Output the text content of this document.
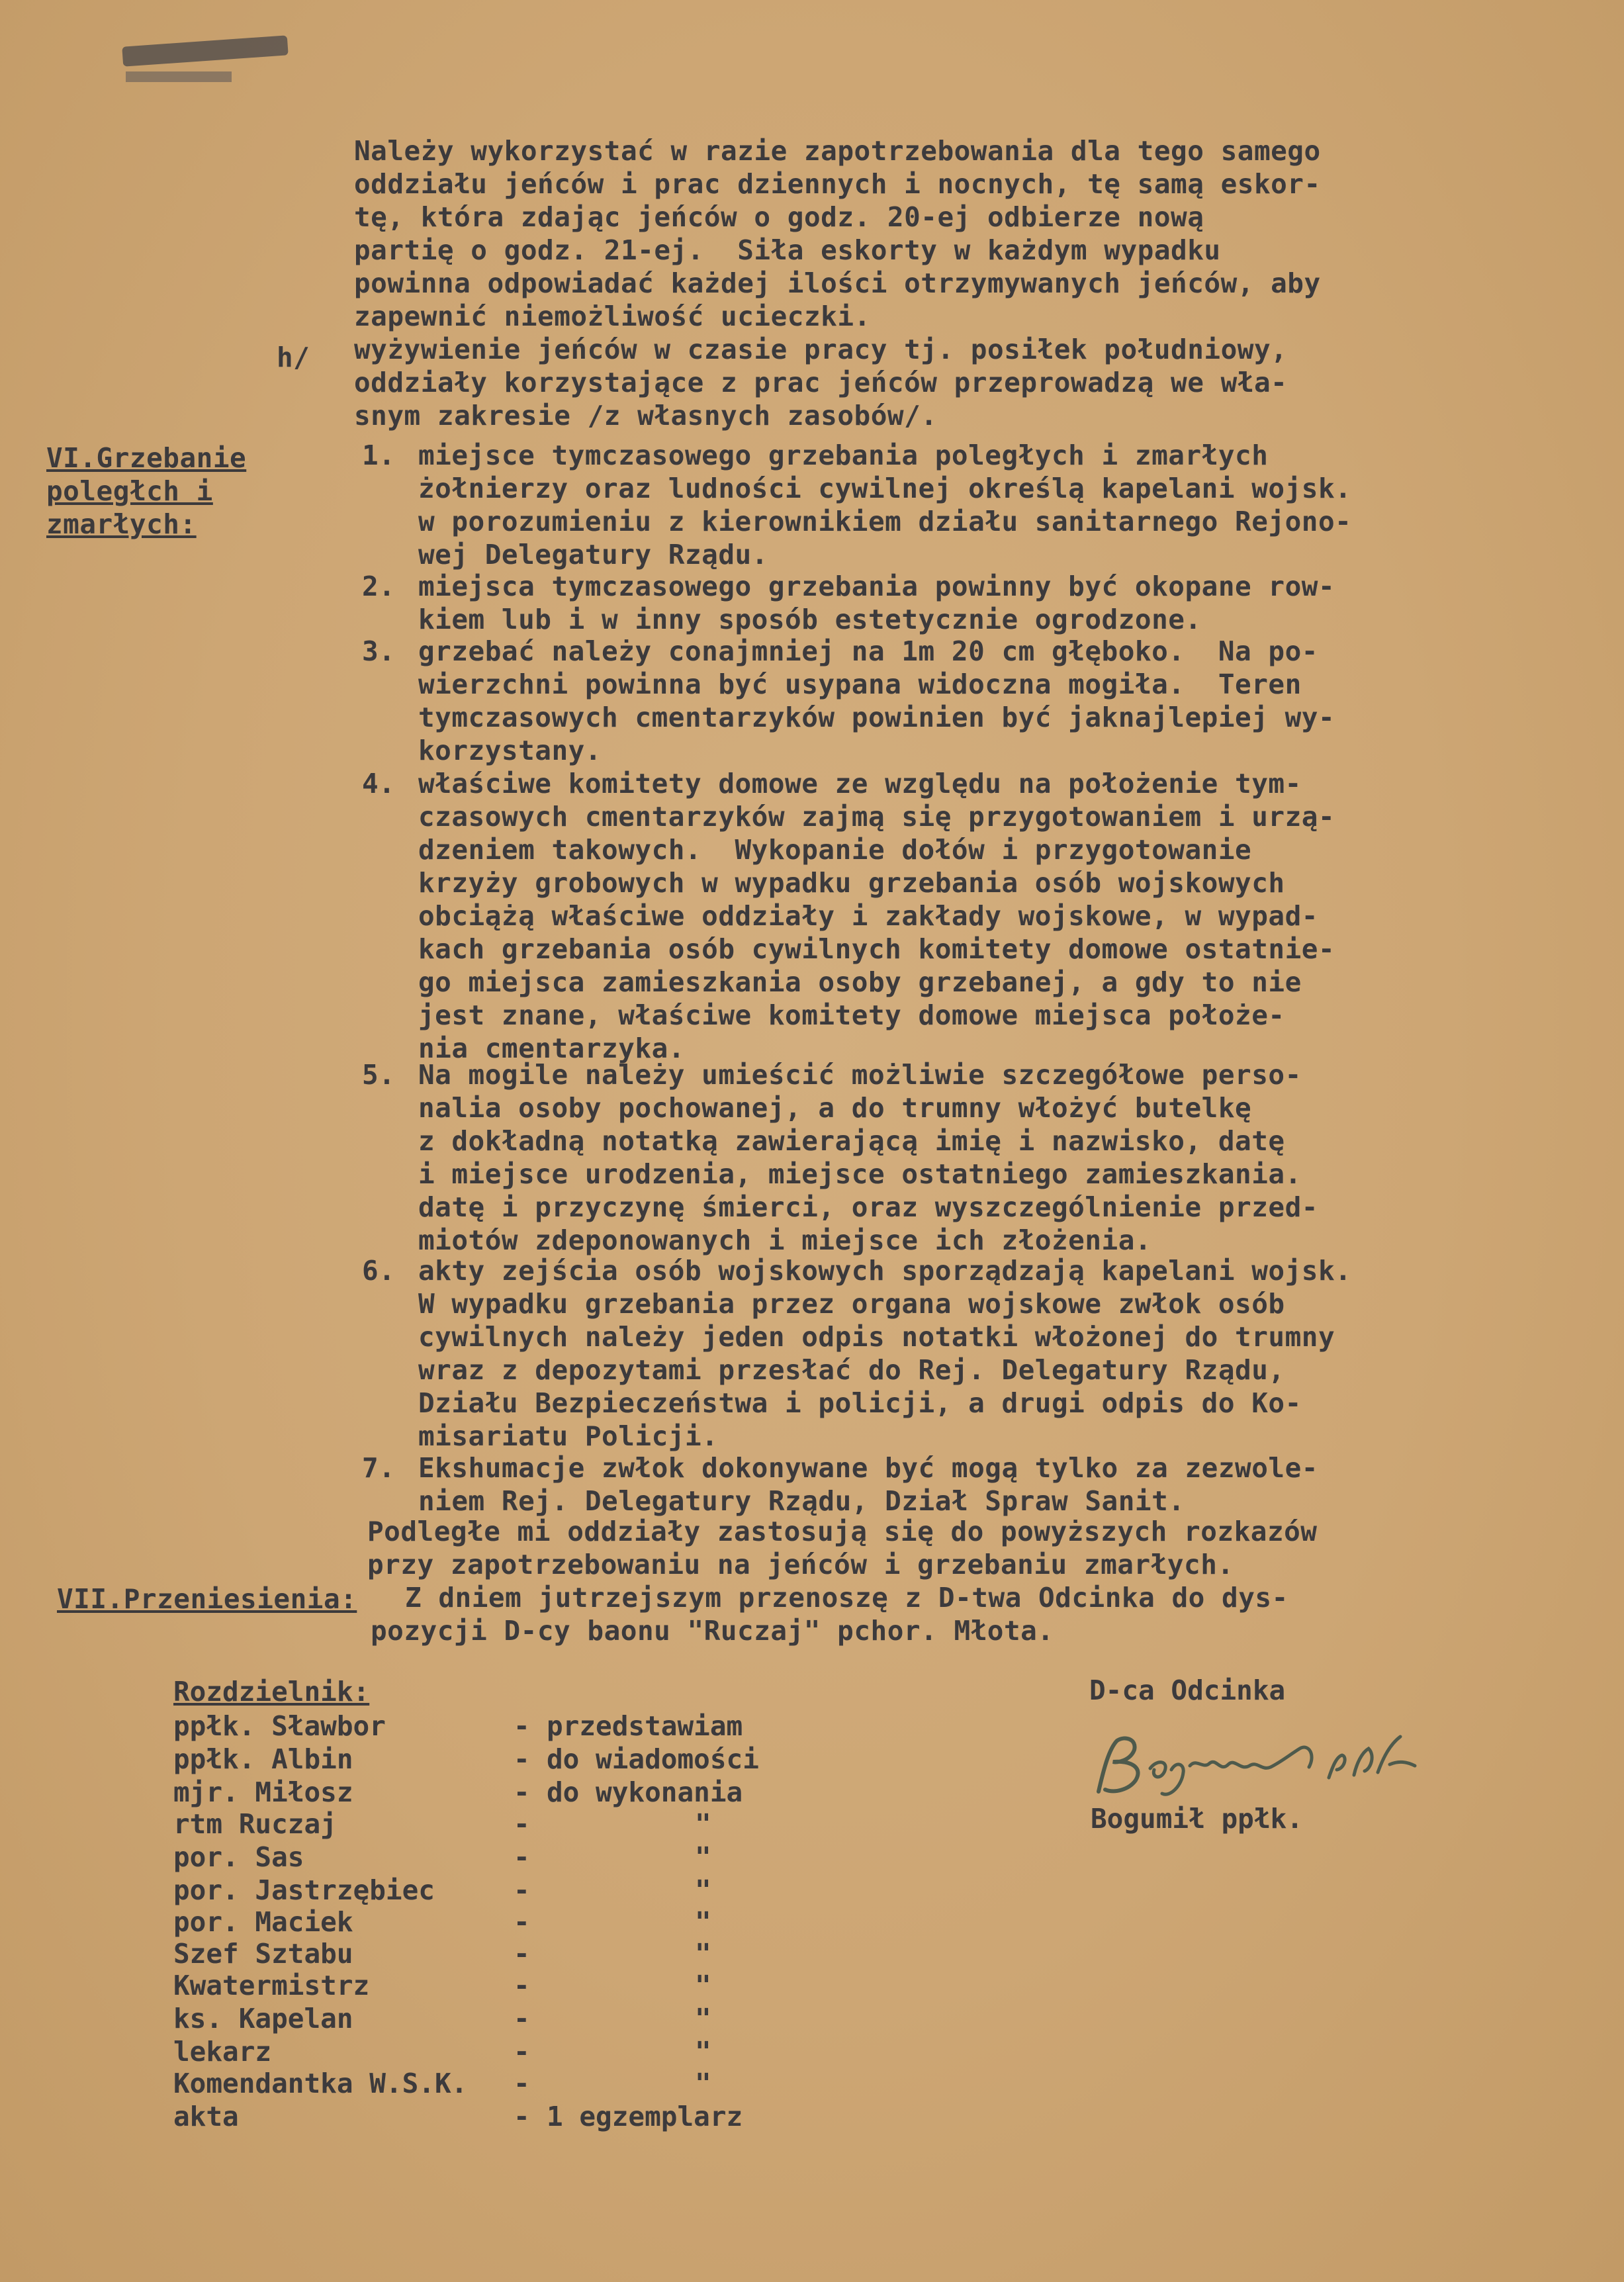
Należy wykorzystać w razie zapotrzebowania dla tego samego
oddziału jeńców i prac dziennych i nocnych, tę samą eskor-
tę, która zdając jeńców o godz. 20-ej odbierze nową
partię o godz. 21-ej.  Siła eskorty w każdym wypadku
powinna odpowiadać każdej ilości otrzymywanych jeńców, aby
zapewnić niemożliwość ucieczki.
h/ wyżywienie jeńców w czasie pracy tj. posiłek południowy,
oddziały korzystające z prac jeńców przeprowadzą we wła-
snym zakresie /z własnych zasobów/.
VI.Grzebanie
poległch i
zmarłych:
1. miejsce tymczasowego grzebania poległych i zmarłych
żołnierzy oraz ludności cywilnej określą kapelani wojsk.
w porozumieniu z kierownikiem działu sanitarnego Rejono-
wej Delegatury Rządu.
2. miejsca tymczasowego grzebania powinny być okopane row-
kiem lub i w inny sposób estetycznie ogrodzone.
3. grzebać należy conajmniej na 1m 20 cm głęboko.  Na po-
wierzchni powinna być usypana widoczna mogiła.  Teren
tymczasowych cmentarzyków powinien być jaknajlepiej wy-
korzystany.
4. właściwe komitety domowe ze względu na położenie tym-
czasowych cmentarzyków zajmą się przygotowaniem i urzą-
dzeniem takowych.  Wykopanie dołów i przygotowanie
krzyży grobowych w wypadku grzebania osób wojskowych
obciążą właściwe oddziały i zakłady wojskowe, w wypad-
kach grzebania osób cywilnych komitety domowe ostatnie-
go miejsca zamieszkania osoby grzebanej, a gdy to nie
jest znane, właściwe komitety domowe miejsca położe-
nia cmentarzyka.
5. Na mogile należy umieścić możliwie szczegółowe perso-
nalia osoby pochowanej, a do trumny włożyć butelkę
z dokładną notatką zawierającą imię i nazwisko, datę
i miejsce urodzenia, miejsce ostatniego zamieszkania.
datę i przyczynę śmierci, oraz wyszczególnienie przed-
miotów zdeponowanych i miejsce ich złożenia.
6. akty zejścia osób wojskowych sporządzają kapelani wojsk.
W wypadku grzebania przez organa wojskowe zwłok osób
cywilnych należy jeden odpis notatki włożonej do trumny
wraz z depozytami przesłać do Rej. Delegatury Rządu,
Działu Bezpieczeństwa i policji, a drugi odpis do Ko-
misariatu Policji.
7. Ekshumacje zwłok dokonywane być mogą tylko za zezwole-
niem Rej. Delegatury Rządu, Dział Spraw Sanit.
Podległe mi oddziały zastosują się do powyższych rozkazów
przy zapotrzebowaniu na jeńców i grzebaniu zmarłych.
VII.Przeniesienia: Z dniem jutrzejszym przenoszę z D-twa Odcinka do dys-
pozycji D-cy baonu "Ruczaj" pchor. Młota.
Rozdzielnik:
ppłk. Sławbor	- przedstawiam
ppłk. Albin	- do wiadomości
mjr. Miłosz	- do wykonania
rtm Ruczaj	-	"
por. Sas	-	"
por. Jastrzębiec	-	"
por. Maciek	-	"
Szef Sztabu	-	"
Kwatermistrz	-	"
ks. Kapelan	-	"
lekarz	-	"
Komendantka W.S.K. -	"
akta	- 1 egzemplarz
D-ca Odcinka
Bogumił ppłk.
